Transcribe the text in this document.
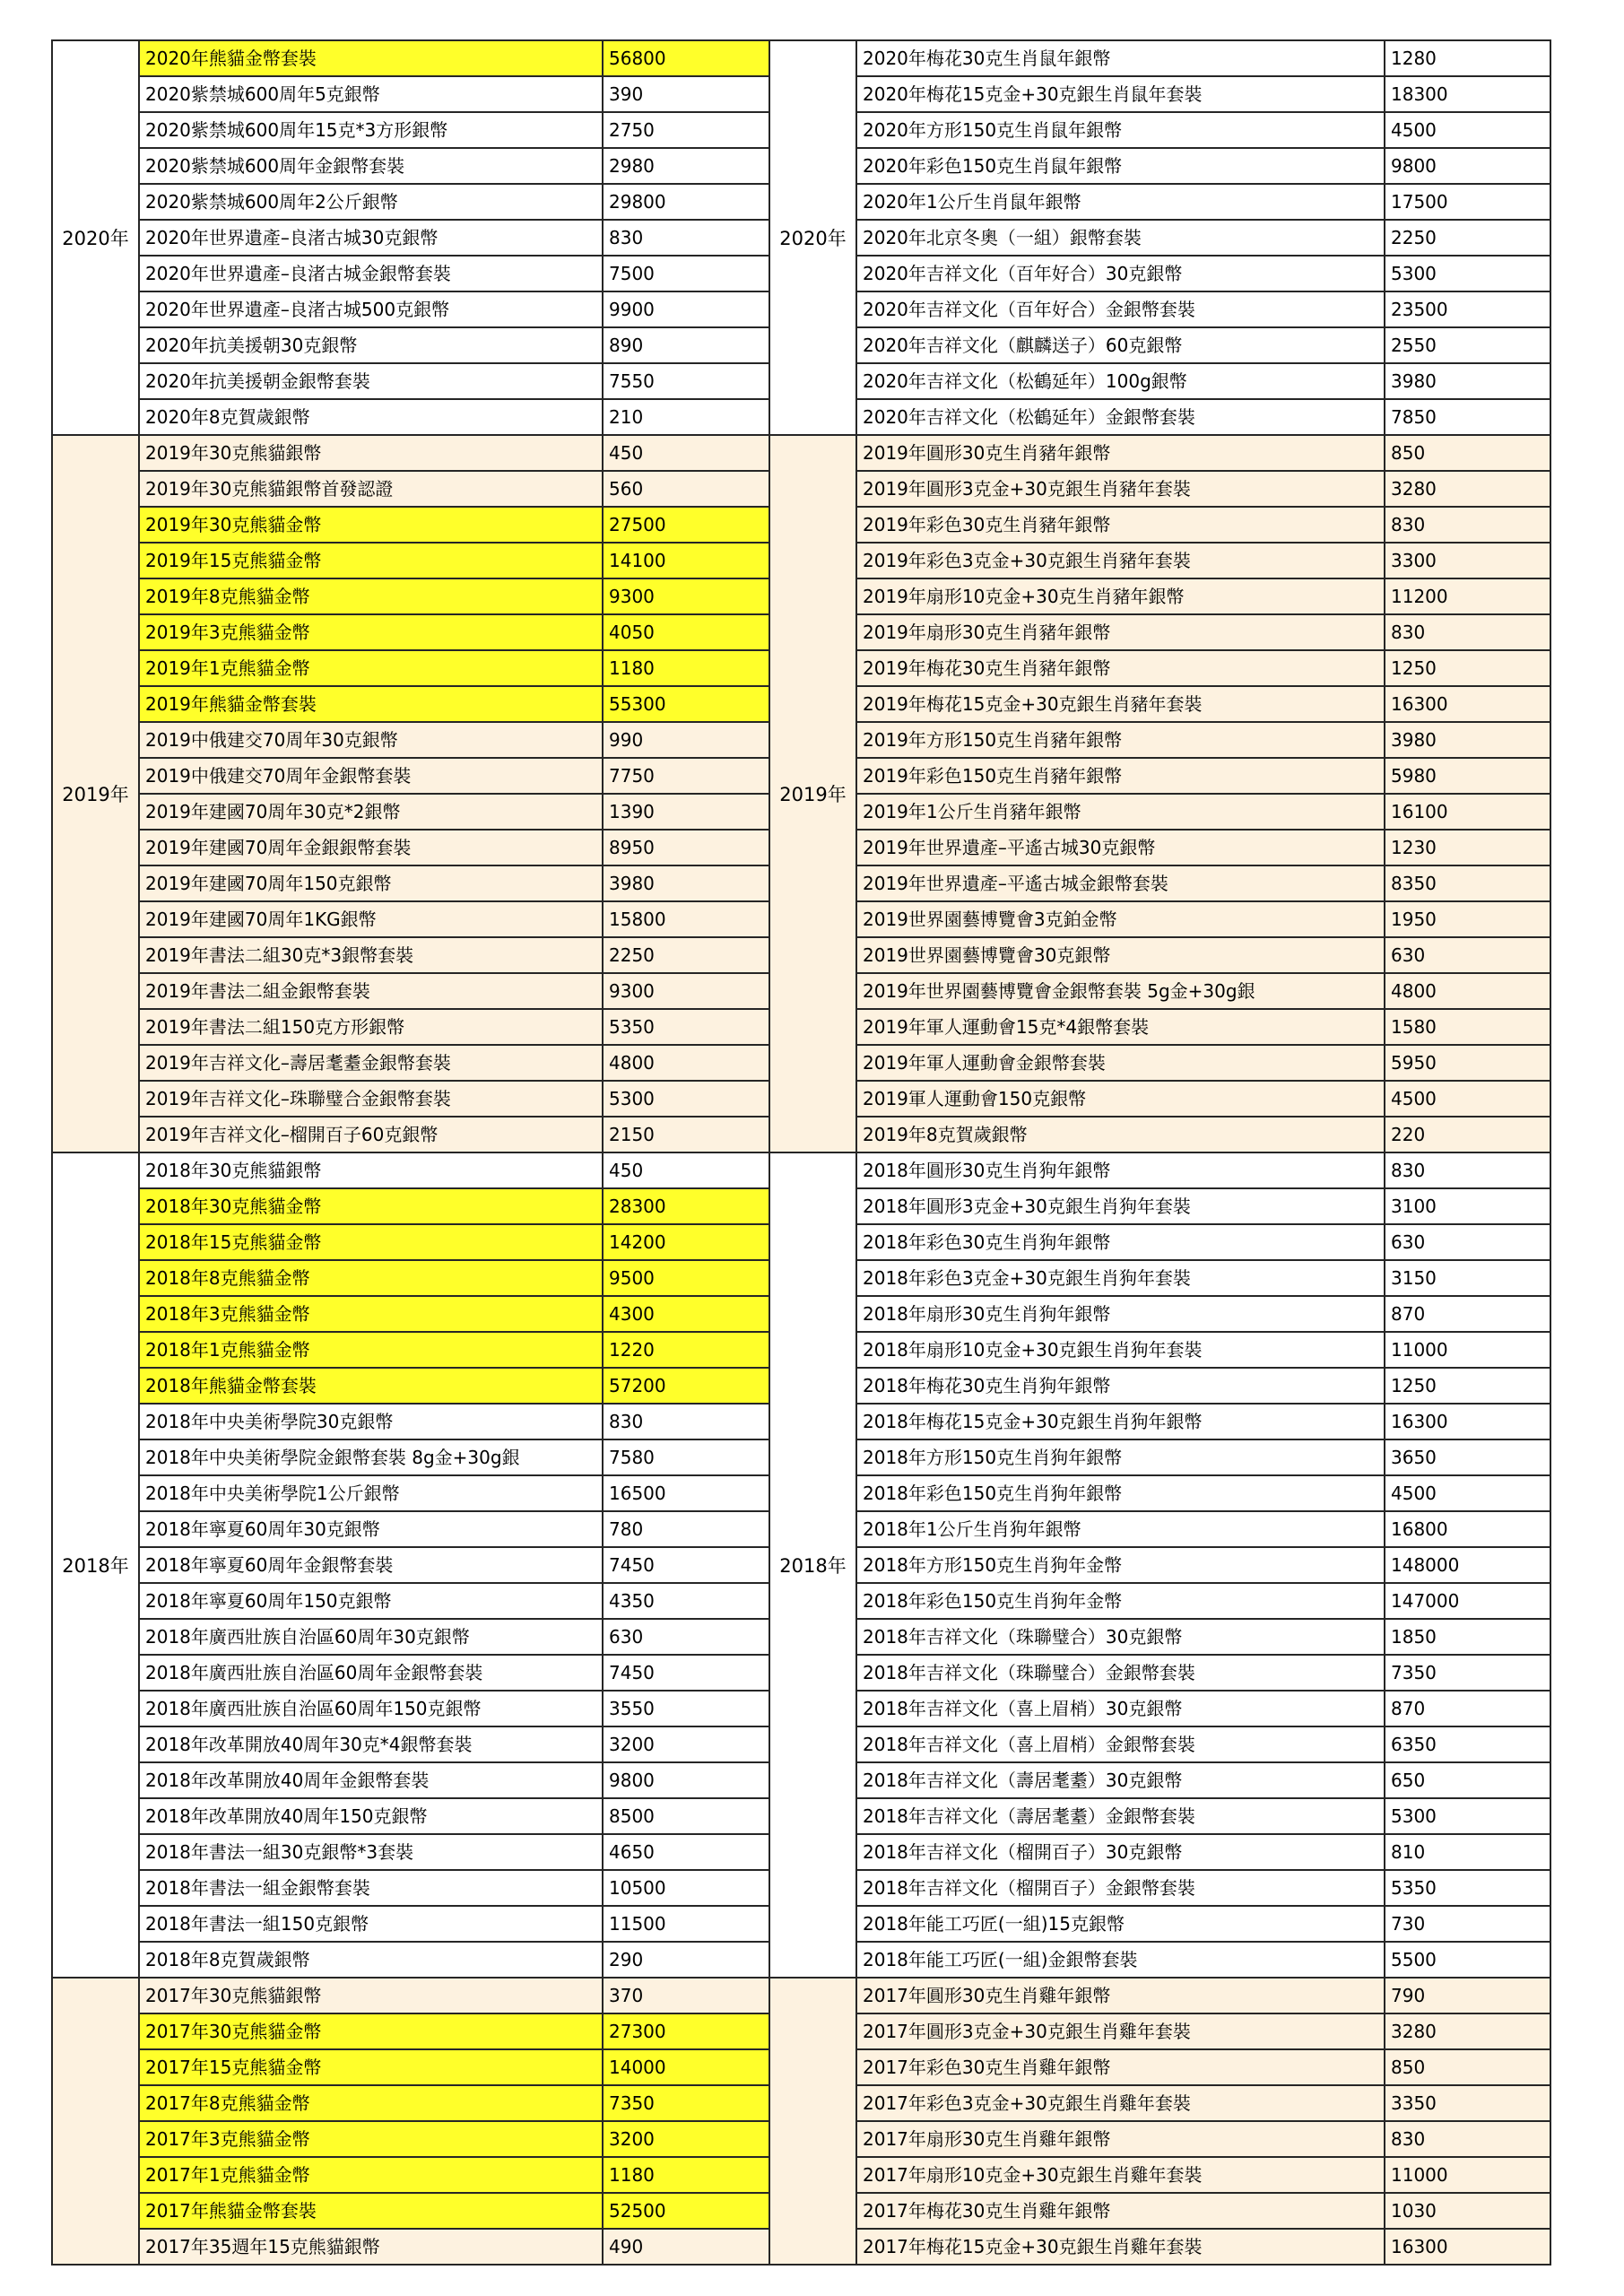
2020年	2020年熊貓金幣套裝	56800
	2020紫禁城600周年5克銀幣	390
	2020紫禁城600周年15克*3方形銀幣	2750
	2020紫禁城600周年金銀幣套裝	2980
	2020紫禁城600周年2公斤銀幣	29800
	2020年世界遺產–良渚古城30克銀幣	830
	2020年世界遺產–良渚古城金銀幣套裝	7500
	2020年世界遺產–良渚古城500克銀幣	9900
	2020年抗美援朝30克銀幣	890
	2020年抗美援朝金銀幣套裝	7550
	2020年8克賀歲銀幣	210
2019年	2019年30克熊貓銀幣	450
	2019年30克熊貓銀幣首發認證	560
	2019年30克熊貓金幣	27500
	2019年15克熊貓金幣	14100
	2019年8克熊貓金幣	9300
	2019年3克熊貓金幣	4050
	2019年1克熊貓金幣	1180
	2019年熊貓金幣套裝	55300
	2019中俄建交70周年30克銀幣	990
	2019中俄建交70周年金銀幣套裝	7750
	2019年建國70周年30克*2銀幣	1390
	2019年建國70周年金銀銀幣套裝	8950
	2019年建國70周年150克銀幣	3980
	2019年建國70周年1KG銀幣	15800
	2019年書法二組30克*3銀幣套裝	2250
	2019年書法二組金銀幣套裝	9300
	2019年書法二組150克方形銀幣	5350
	2019年吉祥文化–壽居耄耋金銀幣套裝	4800
	2019年吉祥文化–珠聯璧合金銀幣套裝	5300
	2019年吉祥文化–榴開百子60克銀幣	2150
2018年	2018年30克熊貓銀幣	450
	2018年30克熊貓金幣	28300
	2018年15克熊貓金幣	14200
	2018年8克熊貓金幣	9500
	2018年3克熊貓金幣	4300
	2018年1克熊貓金幣	1220
	2018年熊貓金幣套裝	57200
	2018年中央美術學院30克銀幣	830
	2018年中央美術學院金銀幣套裝 8g金+30g銀	7580
	2018年中央美術學院1公斤銀幣	16500
	2018年寧夏60周年30克銀幣	780
	2018年寧夏60周年金銀幣套裝	7450
	2018年寧夏60周年150克銀幣	4350
	2018年廣西壯族自治區60周年30克銀幣	630
	2018年廣西壯族自治區60周年金銀幣套裝	7450
	2018年廣西壯族自治區60周年150克銀幣	3550
	2018年改革開放40周年30克*4銀幣套裝	3200
	2018年改革開放40周年金銀幣套裝	9800
	2018年改革開放40周年150克銀幣	8500
	2018年書法一組30克銀幣*3套裝	4650
	2018年書法一組金銀幣套裝	10500
	2018年書法一組150克銀幣	11500
	2018年8克賀歲銀幣	290
	2017年30克熊貓銀幣	370
	2017年30克熊貓金幣	27300
	2017年15克熊貓金幣	14000
	2017年8克熊貓金幣	7350
	2017年3克熊貓金幣	3200
	2017年1克熊貓金幣	1180
	2017年熊貓金幣套裝	52500
	2017年35週年15克熊貓銀幣	490
2020年	2020年梅花30克生肖鼠年銀幣	1280
	2020年梅花15克金+30克銀生肖鼠年套裝	18300
	2020年方形150克生肖鼠年銀幣	4500
	2020年彩色150克生肖鼠年銀幣	9800
	2020年1公斤生肖鼠年銀幣	17500
	2020年北京冬奧（一組）銀幣套裝	2250
	2020年吉祥文化（百年好合）30克銀幣	5300
	2020年吉祥文化（百年好合）金銀幣套裝	23500
	2020年吉祥文化（麒麟送子）60克銀幣	2550
	2020年吉祥文化（松鶴延年）100g銀幣	3980
	2020年吉祥文化（松鶴延年）金銀幣套裝	7850
2019年	2019年圓形30克生肖豬年銀幣	850
	2019年圓形3克金+30克銀生肖豬年套裝	3280
	2019年彩色30克生肖豬年銀幣	830
	2019年彩色3克金+30克銀生肖豬年套裝	3300
	2019年扇形10克金+30克生肖豬年銀幣	11200
	2019年扇形30克生肖豬年銀幣	830
	2019年梅花30克生肖豬年銀幣	1250
	2019年梅花15克金+30克銀生肖豬年套裝	16300
	2019年方形150克生肖豬年銀幣	3980
	2019年彩色150克生肖豬年銀幣	5980
	2019年1公斤生肖豬年銀幣	16100
	2019年世界遺產–平遙古城30克銀幣	1230
	2019年世界遺產–平遙古城金銀幣套裝	8350
	2019世界園藝博覽會3克鉑金幣	1950
	2019世界園藝博覽會30克銀幣	630
	2019年世界園藝博覽會金銀幣套裝 5g金+30g銀	4800
	2019年軍人運動會15克*4銀幣套裝	1580
	2019年軍人運動會金銀幣套裝	5950
	2019軍人運動會150克銀幣	4500
	2019年8克賀歲銀幣	220
2018年	2018年圓形30克生肖狗年銀幣	830
	2018年圓形3克金+30克銀生肖狗年套裝	3100
	2018年彩色30克生肖狗年銀幣	630
	2018年彩色3克金+30克銀生肖狗年套裝	3150
	2018年扇形30克生肖狗年銀幣	870
	2018年扇形10克金+30克銀生肖狗年套裝	11000
	2018年梅花30克生肖狗年銀幣	1250
	2018年梅花15克金+30克銀生肖狗年銀幣	16300
	2018年方形150克生肖狗年銀幣	3650
	2018年彩色150克生肖狗年銀幣	4500
	2018年1公斤生肖狗年銀幣	16800
	2018年方形150克生肖狗年金幣	148000
	2018年彩色150克生肖狗年金幣	147000
	2018年吉祥文化（珠聯璧合）30克銀幣	1850
	2018年吉祥文化（珠聯璧合）金銀幣套裝	7350
	2018年吉祥文化（喜上眉梢）30克銀幣	870
	2018年吉祥文化（喜上眉梢）金銀幣套裝	6350
	2018年吉祥文化（壽居耄耋）30克銀幣	650
	2018年吉祥文化（壽居耄耋）金銀幣套裝	5300
	2018年吉祥文化（榴開百子）30克銀幣	810
	2018年吉祥文化（榴開百子）金銀幣套裝	5350
	2018年能工巧匠(一組)15克銀幣	730
	2018年能工巧匠(一組)金銀幣套裝	5500
	2017年圓形30克生肖雞年銀幣	790
	2017年圓形3克金+30克銀生肖雞年套裝	3280
	2017年彩色30克生肖雞年銀幣	850
	2017年彩色3克金+30克銀生肖雞年套裝	3350
	2017年扇形30克生肖雞年銀幣	830
	2017年扇形10克金+30克銀生肖雞年套裝	11000
	2017年梅花30克生肖雞年銀幣	1030
	2017年梅花15克金+30克銀生肖雞年套裝	16300
